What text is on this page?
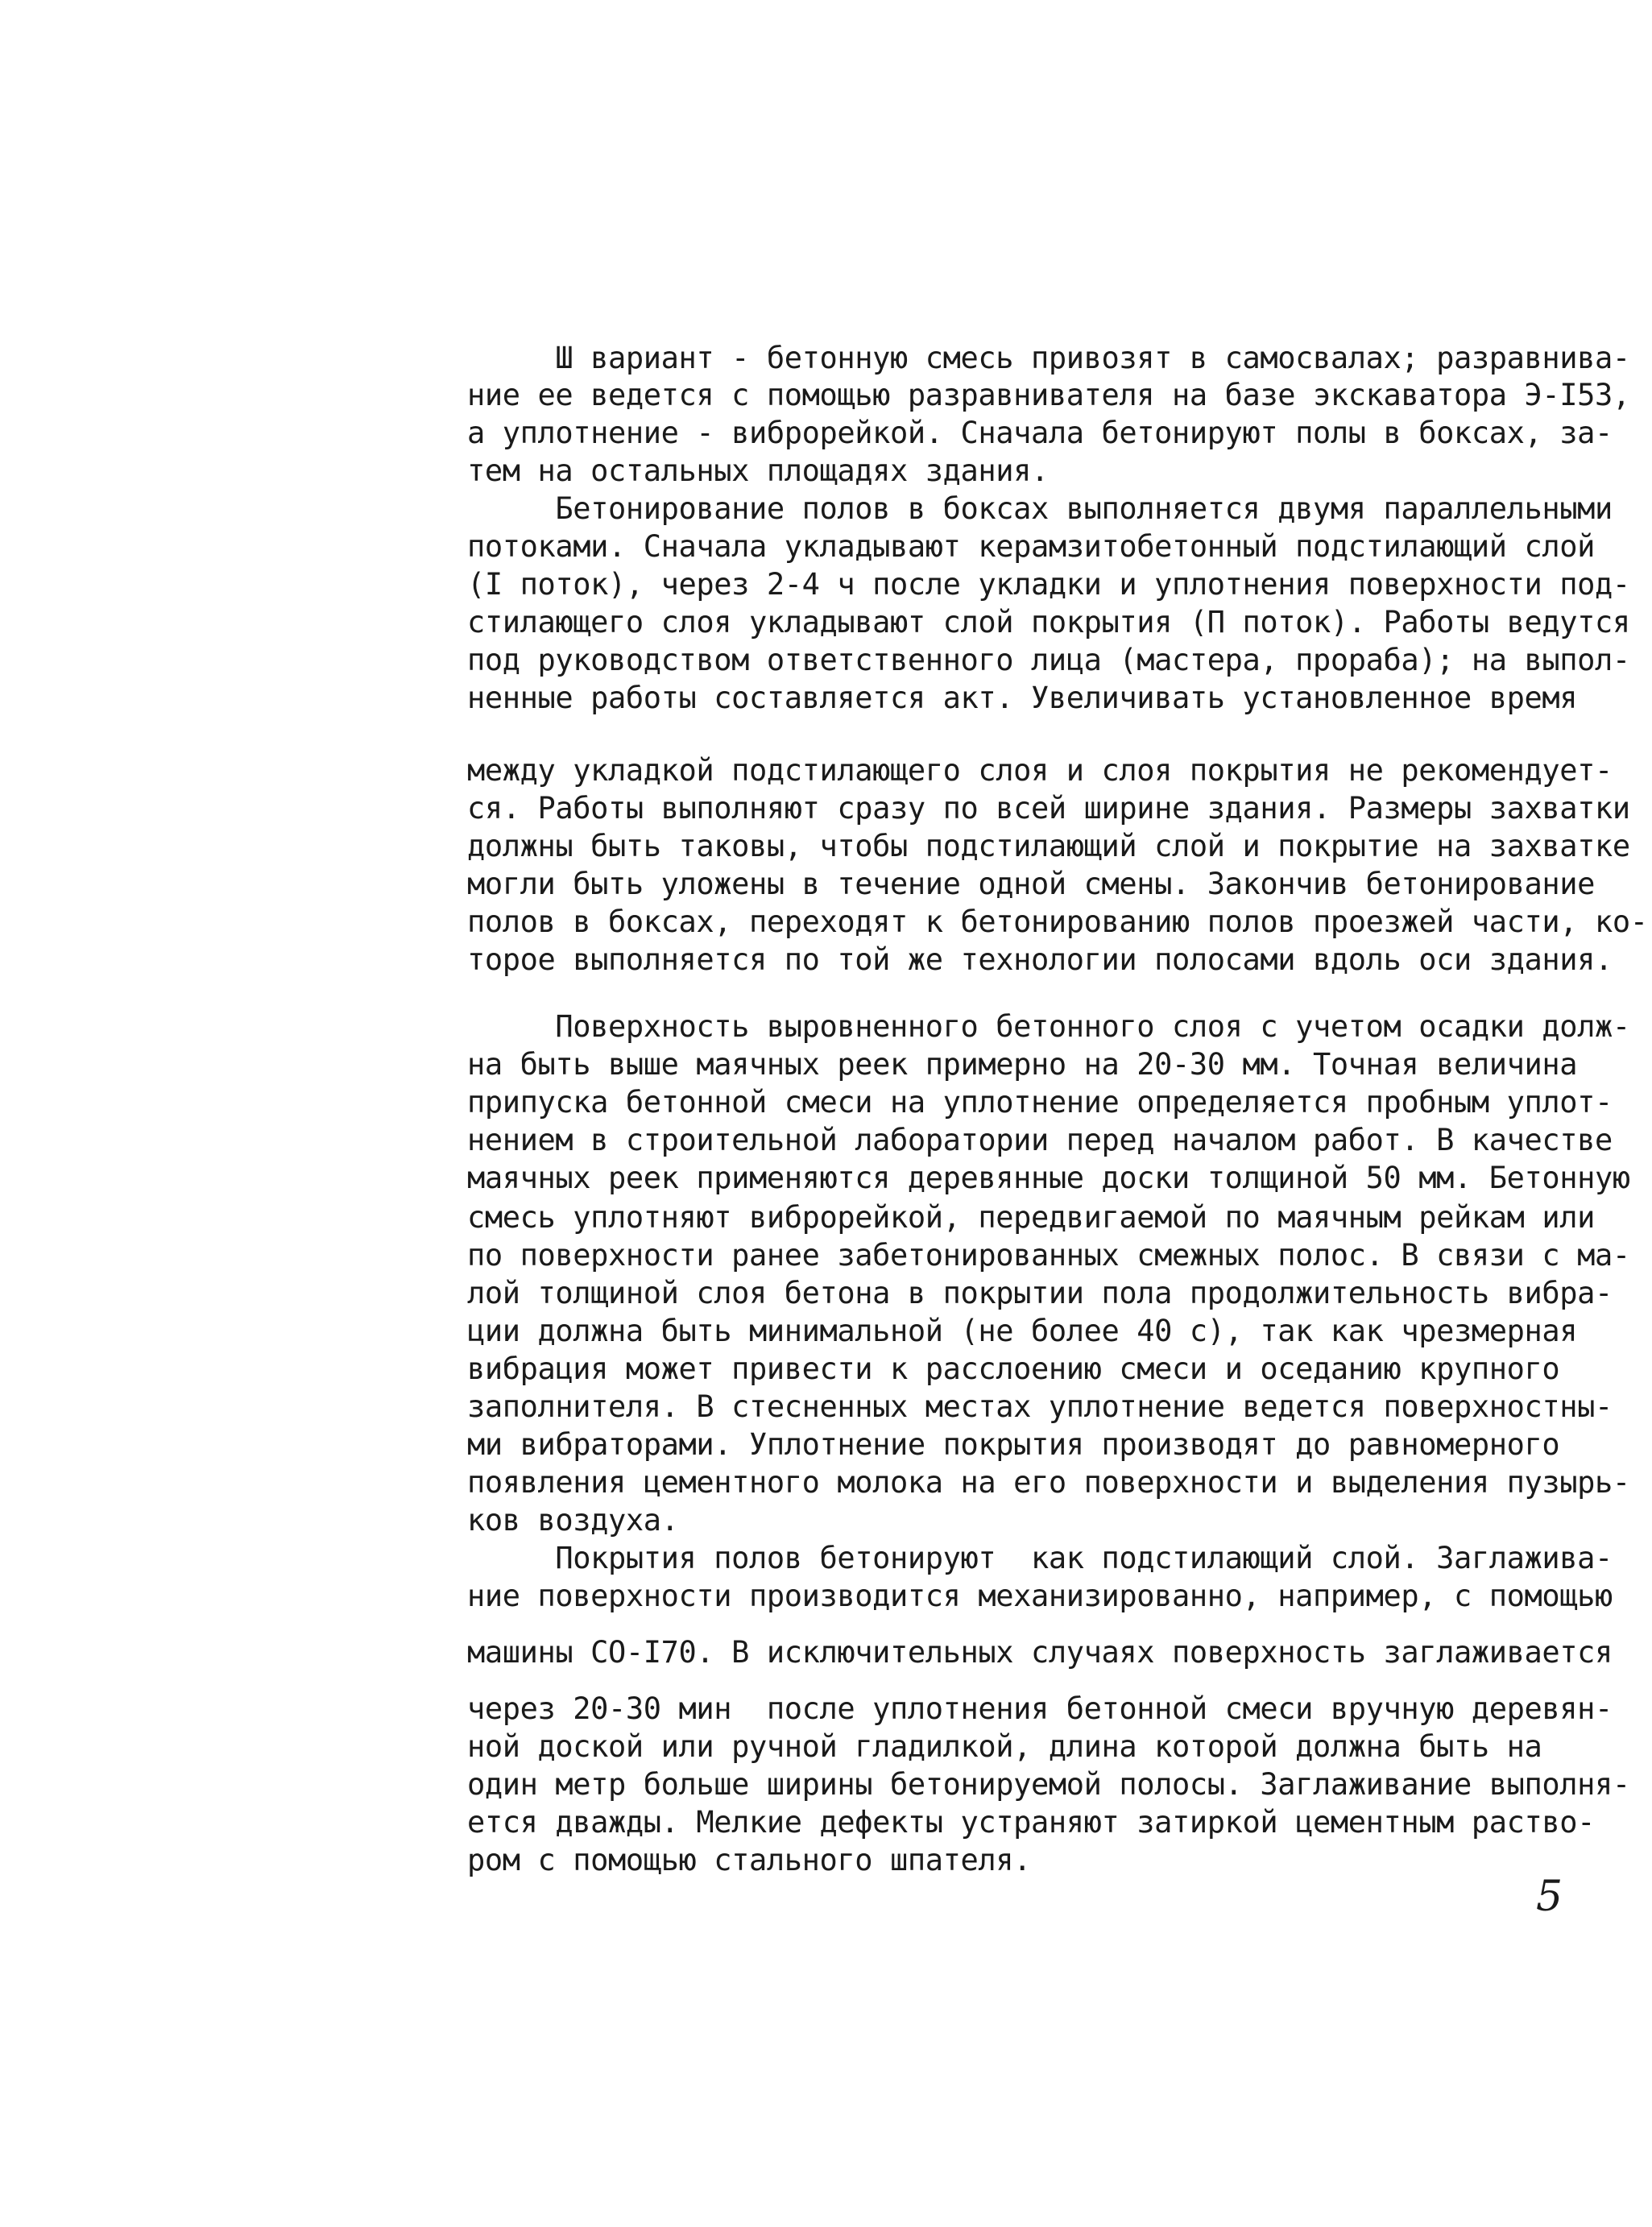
Ш вариант - бетонную смесь привозят в самосвалах; разравнива-
ние ее ведется с помощью разравнивателя на базе экскаватора Э-I53,
а уплотнение - виброрейкой. Сначала бетонируют полы в боксах, за-
тем на остальных площадях здания.
Бетонирование полов в боксах выполняется двумя параллельными
потоками. Сначала укладывают керамзитобетонный подстилающий слой
(I поток), через 2-4 ч после укладки и уплотнения поверхности под-
стилающего слоя укладывают слой покрытия (П поток). Работы ведутся
под руководством ответственного лица (мастера, прораба); на выпол-
ненные работы составляется акт. Увеличивать установленное время
между укладкой подстилающего слоя и слоя покрытия не рекомендует-
ся. Работы выполняют сразу по всей ширине здания. Размеры захватки
должны быть таковы, чтобы подстилающий слой и покрытие на захватке
могли быть уложены в течение одной смены. Закончив бетонирование
полов в боксах, переходят к бетонированию полов проезжей части, ко-
торое выполняется по той же технологии полосами вдоль оси здания.
Поверхность выровненного бетонного слоя с учетом осадки долж-
на быть выше маячных реек примерно на 20-30 мм. Точная величина
припуска бетонной смеси на уплотнение определяется пробным уплот-
нением в строительной лаборатории перед началом работ. В качестве
маячных реек применяются деревянные доски толщиной 50 мм. Бетонную
смесь уплотняют виброрейкой, передвигаемой по маячным рейкам или
по поверхности ранее забетонированных смежных полос. В связи с ма-
лой толщиной слоя бетона в покрытии пола продолжительность вибра-
ции должна быть минимальной (не более 40 с), так как чрезмерная
вибрация может привести к расслоению смеси и оседанию крупного
заполнителя. В стесненных местах уплотнение ведется поверхностны-
ми вибраторами. Уплотнение покрытия производят до равномерного
появления цементного молока на его поверхности и выделения пузырь-
ков воздуха.
Покрытия полов бетонируют  как подстилающий слой. Заглажива-
ние поверхности производится механизированно, например, с помощью
машины СО-I70. В исключительных случаях поверхность заглаживается
через 20-30 мин  после уплотнения бетонной смеси вручную деревян-
ной доской или ручной гладилкой, длина которой должна быть на
один метр больше ширины бетонируемой полосы. Заглаживание выполня-
ется дважды. Мелкие дефекты устраняют затиркой цементным раство-
ром с помощью стального шпателя.
5
